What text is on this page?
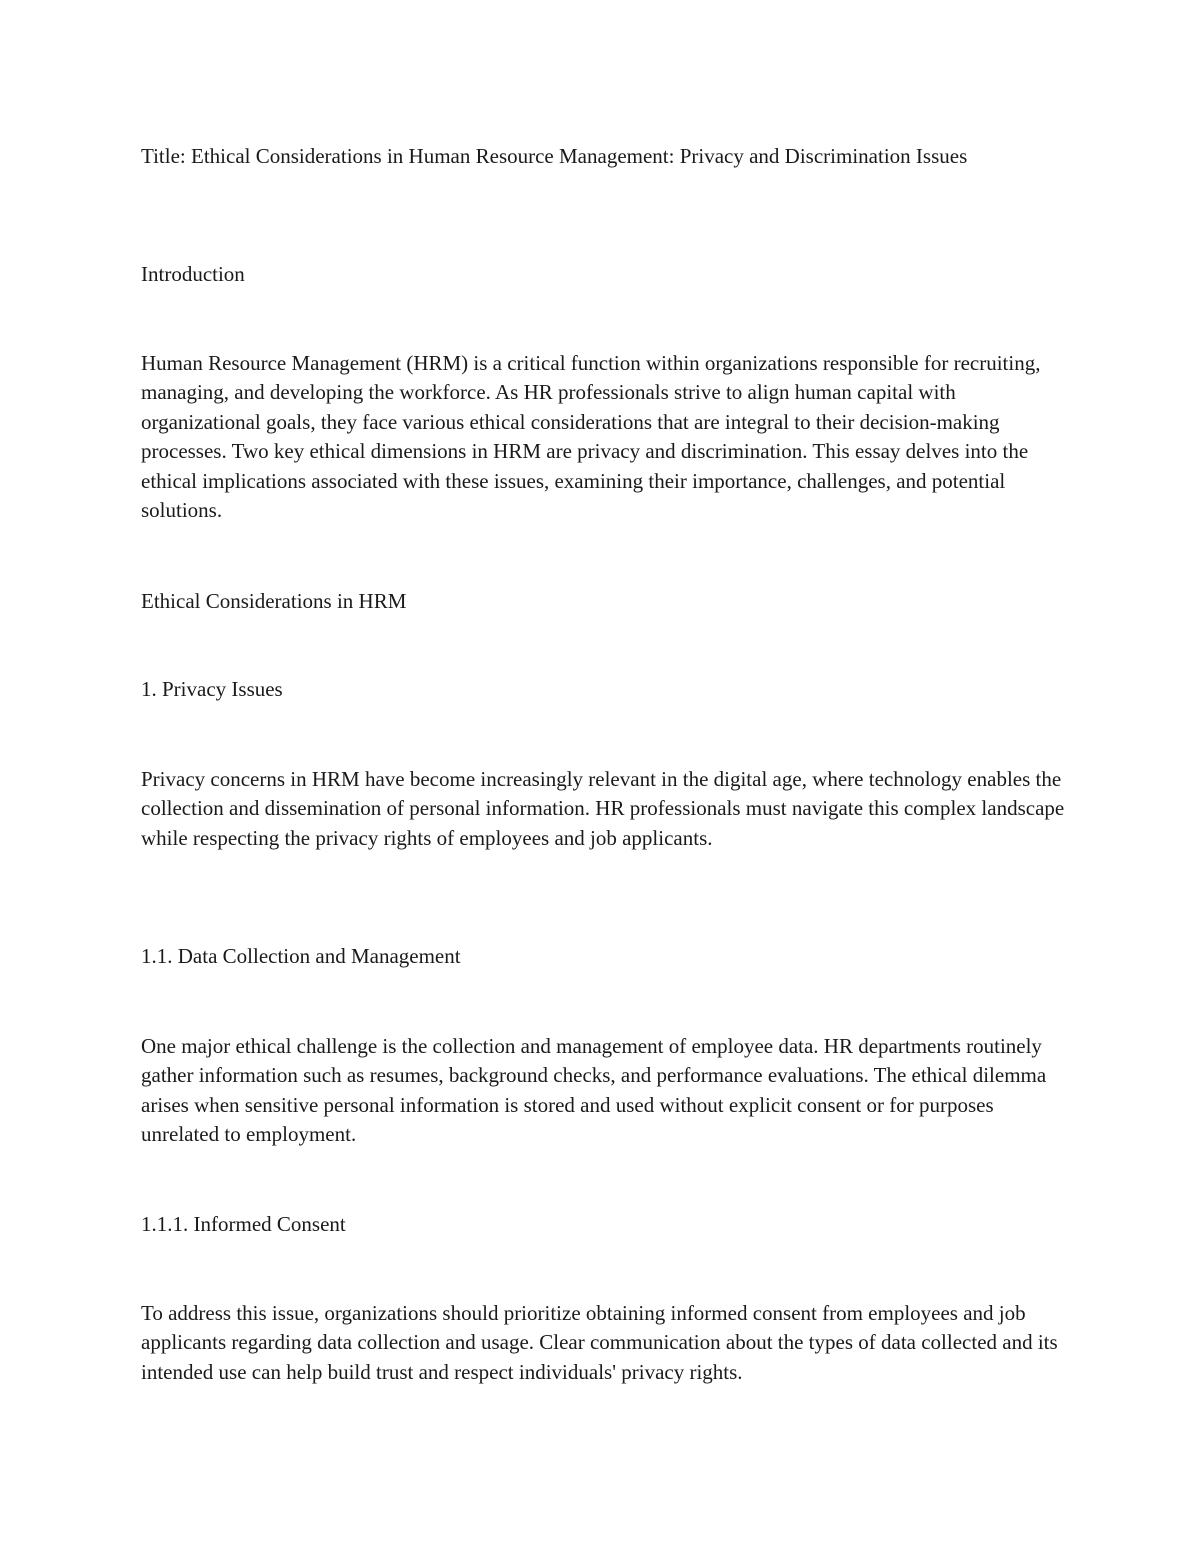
Title: Ethical Considerations in Human Resource Management: Privacy and Discrimination Issues

Introduction

Human Resource Management (HRM) is a critical function within organizations responsible for recruiting, managing, and developing the workforce. As HR professionals strive to align human capital with organizational goals, they face various ethical considerations that are integral to their decision-making processes. Two key ethical dimensions in HRM are privacy and discrimination. This essay delves into the ethical implications associated with these issues, examining their importance, challenges, and potential solutions.

Ethical Considerations in HRM

1. Privacy Issues

Privacy concerns in HRM have become increasingly relevant in the digital age, where technology enables the collection and dissemination of personal information. HR professionals must navigate this complex landscape while respecting the privacy rights of employees and job applicants.

1.1. Data Collection and Management

One major ethical challenge is the collection and management of employee data. HR departments routinely gather information such as resumes, background checks, and performance evaluations. The ethical dilemma arises when sensitive personal information is stored and used without explicit consent or for purposes unrelated to employment.

1.1.1. Informed Consent

To address this issue, organizations should prioritize obtaining informed consent from employees and job applicants regarding data collection and usage. Clear communication about the types of data collected and its intended use can help build trust and respect individuals' privacy rights.
